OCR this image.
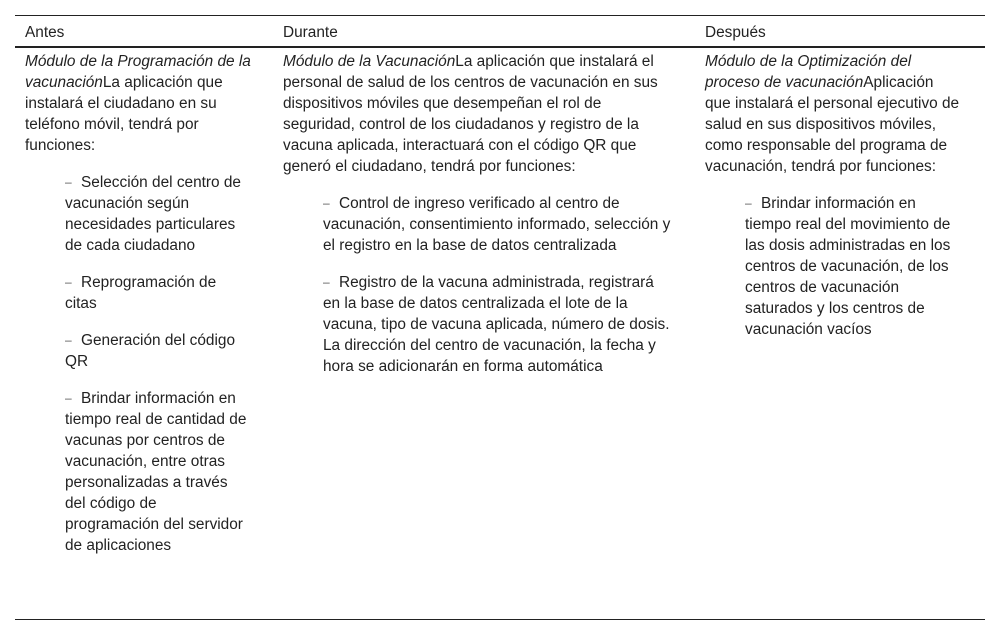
Antes	Durante	Después

Módulo de la Programación de la vacunaciónLa aplicación que instalará el ciudadano en su teléfono móvil, tendrá por funciones:

– Selección del centro de vacunación según necesidades particulares de cada ciudadano
– Reprogramación de citas
– Generación del código QR
– Brindar información en tiempo real de cantidad de vacunas por centros de vacunación, entre otras personalizadas a través del código de programación del servidor de aplicaciones

Módulo de la VacunaciónLa aplicación que instalará el personal de salud de los centros de vacunación en sus dispositivos móviles que desempeñan el rol de seguridad, control de los ciudadanos y registro de la vacuna aplicada, interactuará con el código QR que generó el ciudadano, tendrá por funciones:

– Control de ingreso verificado al centro de vacunación, consentimiento informado, selección y el registro en la base de datos centralizada
– Registro de la vacuna administrada, registrará en la base de datos centralizada el lote de la vacuna, tipo de vacuna aplicada, número de dosis. La dirección del centro de vacunación, la fecha y hora se adicionarán en forma automática

Módulo de la Optimización del proceso de vacunaciónAplicación que instalará el personal ejecutivo de salud en sus dispositivos móviles, como responsable del programa de vacunación, tendrá por funciones:

– Brindar información en tiempo real del movimiento de las dosis administradas en los centros de vacunación, de los centros de vacunación saturados y los centros de vacunación vacíos
